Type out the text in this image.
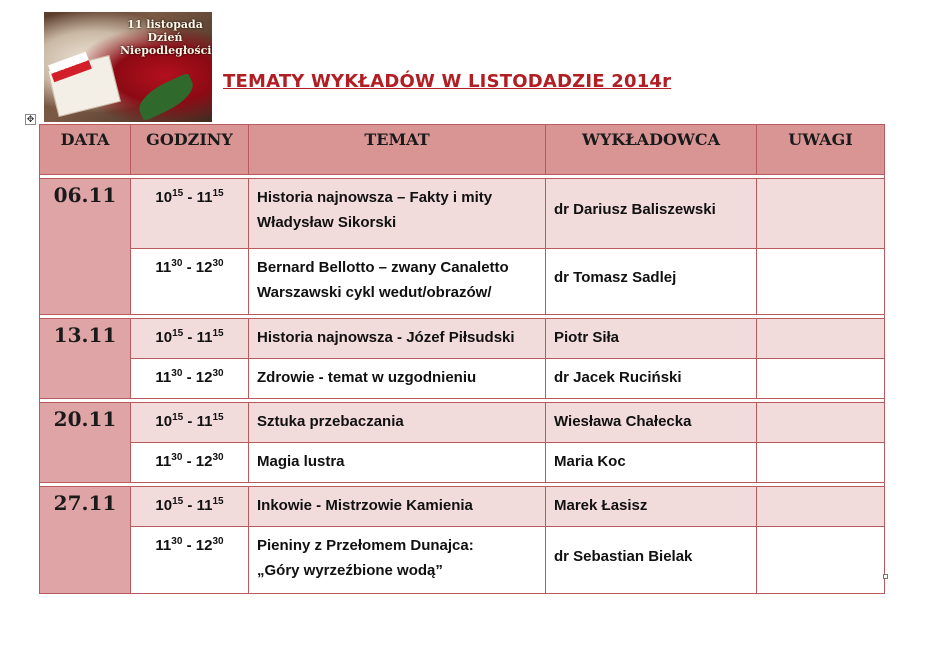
11 listopada
Dzień Niepodległości
TEMATY WYKŁADÓW W LISTODADZIE 2014r
✥
DATA	GODZINY	TEMAT	WYKŁADOWCA	UWAGI

06.11	$10^{15} - 11^{15}$	Historia najnowsza – Fakty i mity
Władysław Sikorski	dr Dariusz Baliszewski	

	$11^{30} - 12^{30}$	Bernard Bellotto – zwany Canaletto
Warszawski cykl wedut/obrazów/	dr Tomasz Sadlej	

13.11	$10^{15} - 11^{15}$	Historia najnowsza - Józef Piłsudski	Piotr Siła	

	$11^{30} - 12^{30}$	Zdrowie - temat w uzgodnieniu	dr Jacek Ruciński	

20.11	$10^{15} - 11^{15}$	Sztuka przebaczania	Wiesława Chałecka	

	$11^{30} - 12^{30}$	Magia lustra	Maria Koc	

27.11	$10^{15} - 11^{15}$	Inkowie - Mistrzowie Kamienia	Marek Łasisz	

	$11^{30} - 12^{30}$	Pieniny z Przełomem Dunajca:
„Góry wyrzeźbione wodą”	dr Sebastian Bielak	
